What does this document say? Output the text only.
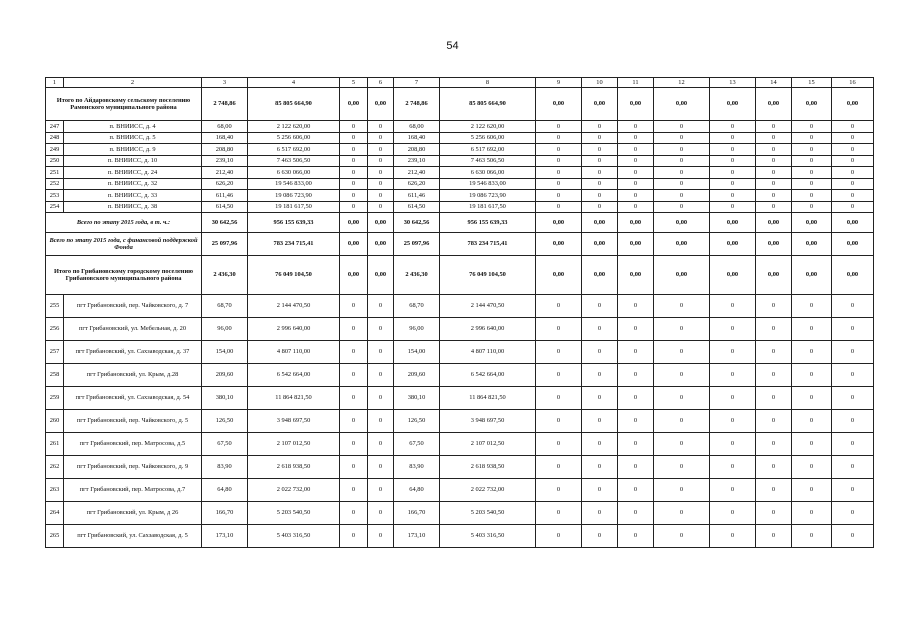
54
1	2	3	4	5	6	7	8	9	10	11	12	13	14	15	16
Итого по Айдаровскому сельскому поселению Рамонского муниципального района		2 748,86	85 805 664,90	0,00	0,00	2 748,86	85 805 664,90	0,00	0,00	0,00	0,00	0,00	0,00	0,00	0,00
247	п. ВНИИСС, д. 4	68,00	2 122 620,00	0	0	68,00	2 122 620,00	0	0	0	0	0	0	0	0
248	п. ВНИИСС, д. 5	168,40	5 256 606,00	0	0	168,40	5 256 606,00	0	0	0	0	0	0	0	0
249	п. ВНИИСС, д. 9	208,80	6 517 692,00	0	0	208,80	6 517 692,00	0	0	0	0	0	0	0	0
250	п. ВНИИСС, д. 10	239,10	7 463 506,50	0	0	239,10	7 463 506,50	0	0	0	0	0	0	0	0
251	п. ВНИИСС, д. 24	212,40	6 630 066,00	0	0	212,40	6 630 066,00	0	0	0	0	0	0	0	0
252	п. ВНИИСС, д. 32	626,20	19 546 833,00	0	0	626,20	19 546 833,00	0	0	0	0	0	0	0	0
253	п. ВНИИСС, д. 33	611,46	19 086 723,90	0	0	611,46	19 086 723,90	0	0	0	0	0	0	0	0
254	п. ВНИИСС, д. 38	614,50	19 181 617,50	0	0	614,50	19 181 617,50	0	0	0	0	0	0	0	0
Всего по этапу 2015 года, в т. ч.:		30 642,56	956 155 639,33	0,00	0,00	30 642,56	956 155 639,33	0,00	0,00	0,00	0,00	0,00	0,00	0,00	0,00
Всего по этапу 2015 года, с финансовой поддержкой Фонда		25 097,96	783 234 715,41	0,00	0,00	25 097,96	783 234 715,41	0,00	0,00	0,00	0,00	0,00	0,00	0,00	0,00
Итого по Грибановскому городскому поселению Грибановского муниципального района		2 436,30	76 049 104,50	0,00	0,00	2 436,30	76 049 104,50	0,00	0,00	0,00	0,00	0,00	0,00	0,00	0,00
255	пгт Грибановский, пер. Чайковского, д. 7	68,70	2 144 470,50	0	0	68,70	2 144 470,50	0	0	0	0	0	0	0	0
256	пгт Грибановский, ул. Мебельная, д. 20	96,00	2 996 640,00	0	0	96,00	2 996 640,00	0	0	0	0	0	0	0	0
257	пгт Грибановский, ул. Сахзаводская, д. 37	154,00	4 807 110,00	0	0	154,00	4 807 110,00	0	0	0	0	0	0	0	0
258	пгт Грибановский, ул. Крым, д.28	209,60	6 542 664,00	0	0	209,60	6 542 664,00	0	0	0	0	0	0	0	0
259	пгт Грибановский, ул. Сахзаводская, д. 54	380,10	11 864 821,50	0	0	380,10	11 864 821,50	0	0	0	0	0	0	0	0
260	пгт Грибановский, пер. Чайковского, д. 5	126,50	3 948 697,50	0	0	126,50	3 948 697,50	0	0	0	0	0	0	0	0
261	пгт Грибановский, пер. Матросова, д.5	67,50	2 107 012,50	0	0	67,50	2 107 012,50	0	0	0	0	0	0	0	0
262	пгт Грибановский, пер. Чайковского, д. 9	83,90	2 618 938,50	0	0	83,90	2 618 938,50	0	0	0	0	0	0	0	0
263	пгт Грибановский, пер. Матросова, д.7	64,80	2 022 732,00	0	0	64,80	2 022 732,00	0	0	0	0	0	0	0	0
264	пгт Грибановский, ул. Крым, д 26	166,70	5 203 540,50	0	0	166,70	5 203 540,50	0	0	0	0	0	0	0	0
265	пгт Грибановский, ул. Сахзаводская, д. 5	173,10	5 403 316,50	0	0	173,10	5 403 316,50	0	0	0	0	0	0	0	0
